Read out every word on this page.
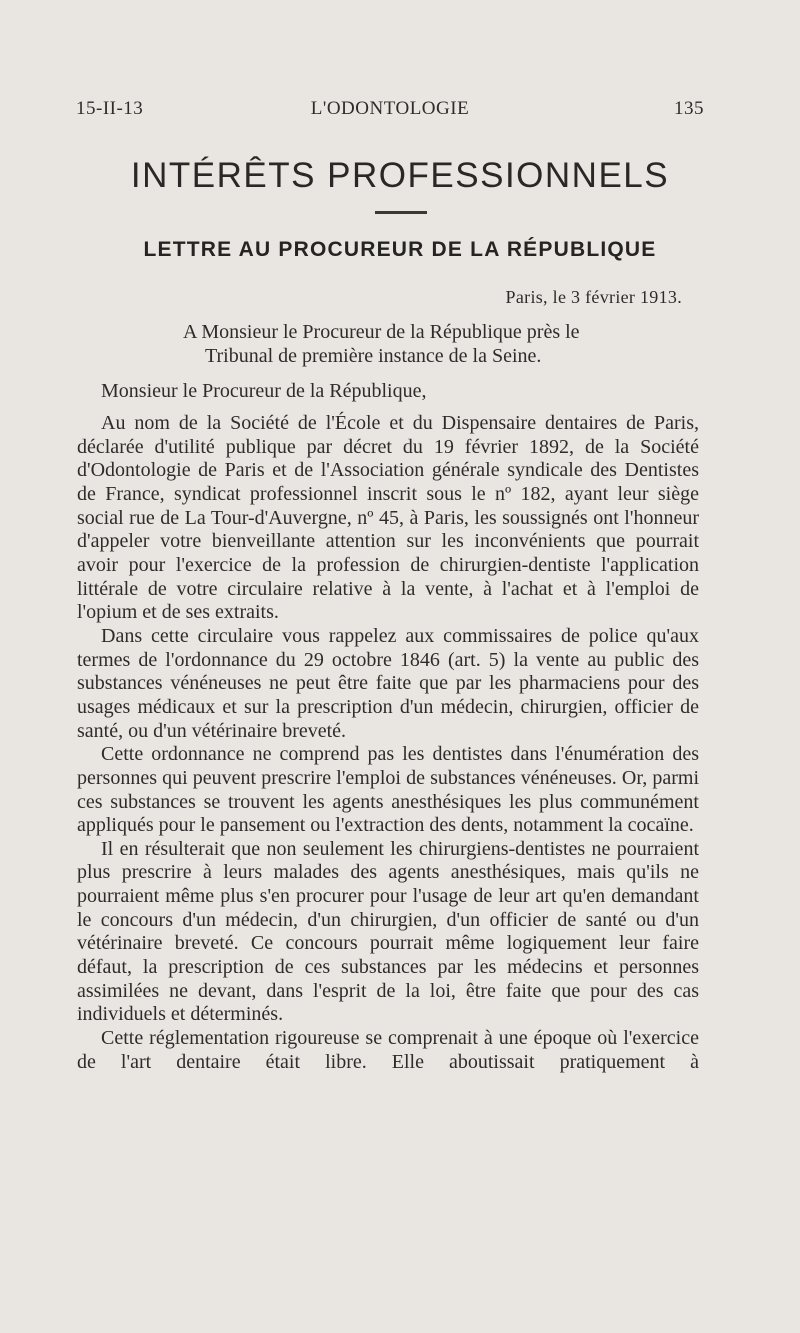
15-II-13	L'ODONTOLOGIE	135
INTÉRÊTS PROFESSIONNELS
LETTRE AU PROCUREUR DE LA RÉPUBLIQUE
Paris, le 3 février 1913.
A Monsieur le Procureur de la République près le
Tribunal de première instance de la Seine.
Monsieur le Procureur de la République,

Au nom de la Société de l'École et du Dispensaire dentaires de Paris, déclarée d'utilité publique par décret du 19 février 1892, de la Société d'Odontologie de Paris et de l'Association générale syndicale des Dentistes de France, syndicat professionnel inscrit sous le nº 182, ayant leur siège social rue de La Tour-d'Auvergne, nº 45, à Paris, les soussignés ont l'honneur d'appeler votre bienveillante attention sur les inconvénients que pourrait avoir pour l'exercice de la profession de chirurgien-dentiste l'application littérale de votre circulaire relative à la vente, à l'achat et à l'emploi de l'opium et de ses extraits.

Dans cette circulaire vous rappelez aux commissaires de police qu'aux termes de l'ordonnance du 29 octobre 1846 (art. 5) la vente au public des substances vénéneuses ne peut être faite que par les pharmaciens pour des usages médicaux et sur la prescription d'un médecin, chirurgien, officier de santé, ou d'un vétérinaire breveté.

Cette ordonnance ne comprend pas les dentistes dans l'énumération des personnes qui peuvent prescrire l'emploi de substances vénéneuses. Or, parmi ces substances se trouvent les agents anesthésiques les plus communément appliqués pour le pansement ou l'extraction des dents, notamment la cocaïne.

Il en résulterait que non seulement les chirurgiens-dentistes ne pourraient plus prescrire à leurs malades des agents anesthésiques, mais qu'ils ne pourraient même plus s'en procurer pour l'usage de leur art qu'en demandant le concours d'un médecin, d'un chirurgien, d'un officier de santé ou d'un vétérinaire breveté. Ce concours pourrait même logiquement leur faire défaut, la prescription de ces substances par les médecins et personnes assimilées ne devant, dans l'esprit de la loi, être faite que pour des cas individuels et déterminés.

Cette réglementation rigoureuse se comprenait à une époque où l'exercice de l'art dentaire était libre. Elle aboutissait pratiquement à
